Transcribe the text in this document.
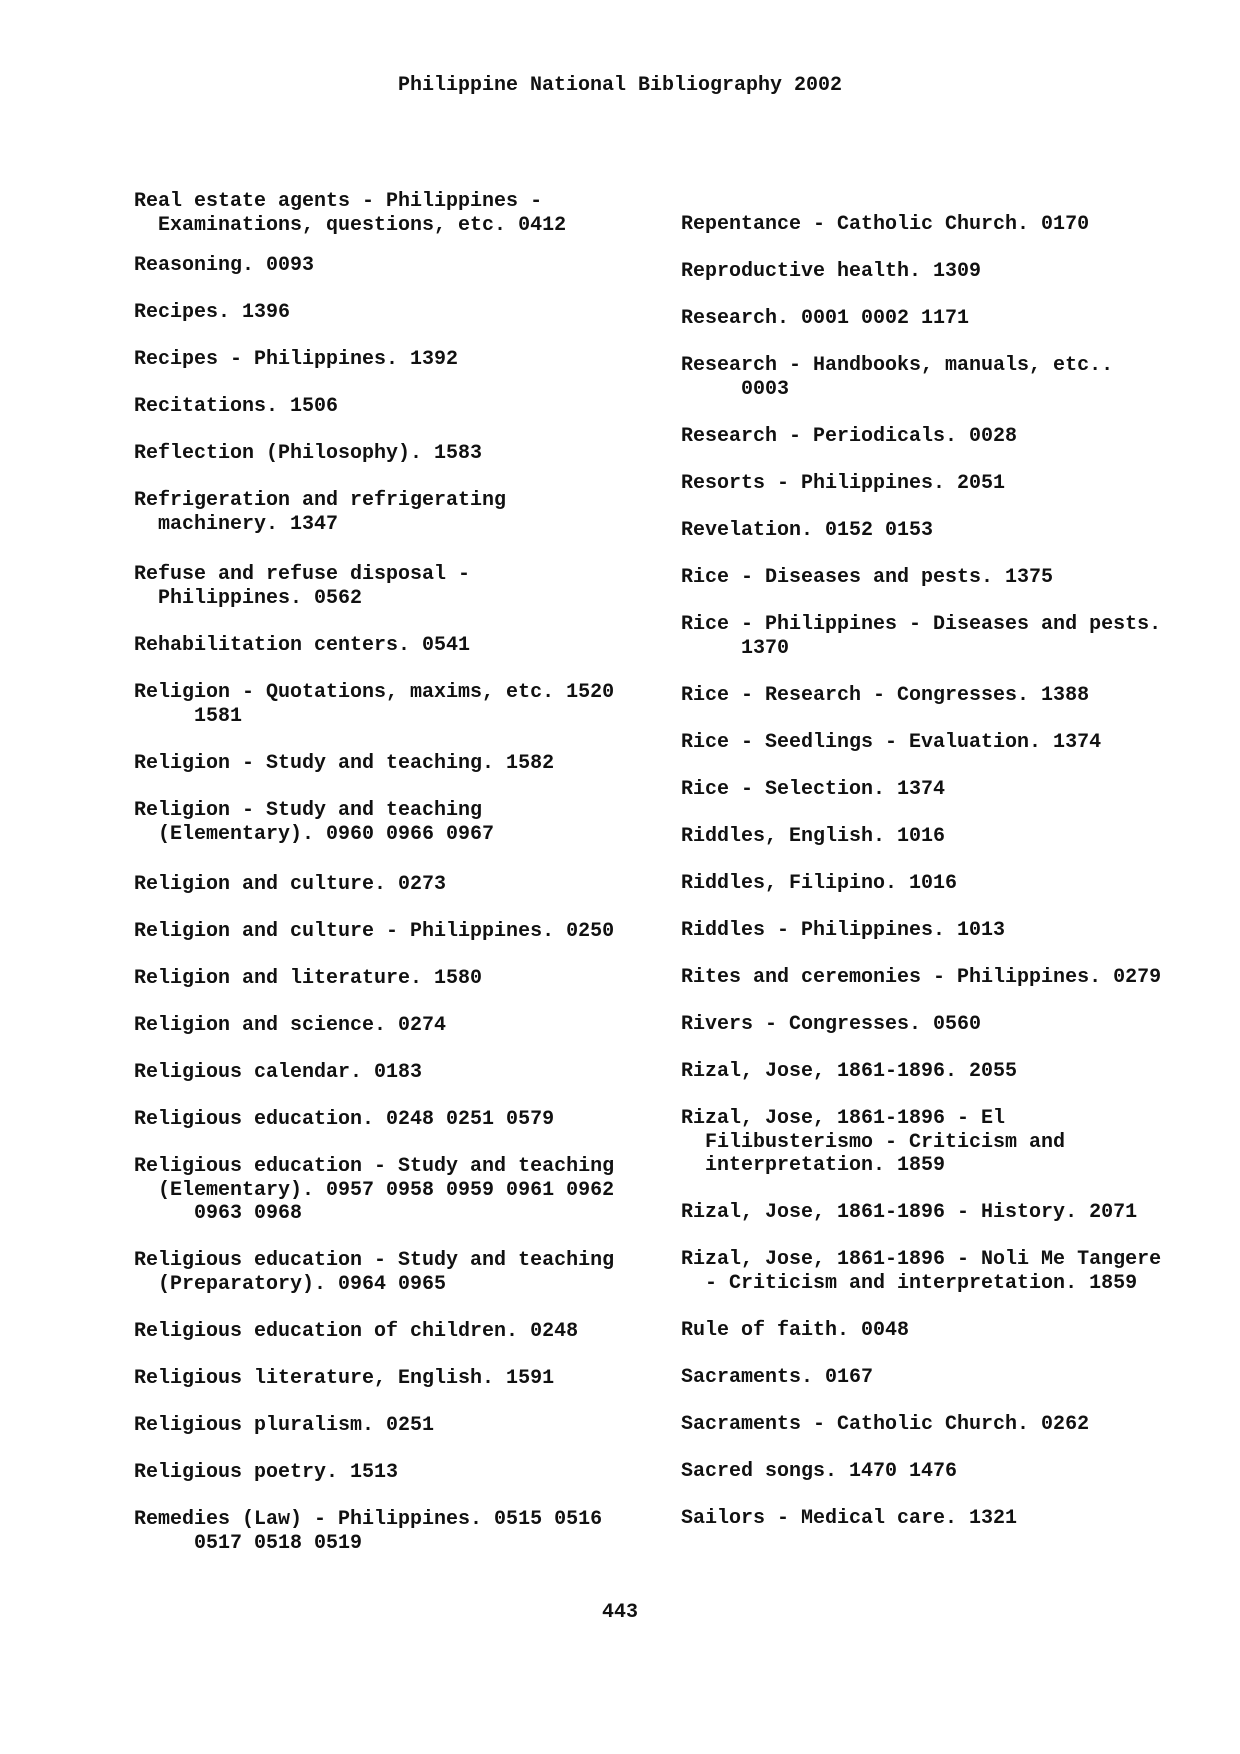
Philippine National Bibliography 2002
Real estate agents - Philippines -
Examinations, questions, etc. 0412
Reasoning. 0093
Recipes. 1396
Recipes - Philippines. 1392
Recitations. 1506
Reflection (Philosophy). 1583
Refrigeration and refrigerating
machinery. 1347
Refuse and refuse disposal -
Philippines. 0562
Rehabilitation centers. 0541
Religion - Quotations, maxims, etc. 1520
1581
Religion - Study and teaching. 1582
Religion - Study and teaching
(Elementary). 0960 0966 0967
Religion and culture. 0273
Religion and culture - Philippines. 0250
Religion and literature. 1580
Religion and science. 0274
Religious calendar. 0183
Religious education. 0248 0251 0579
Religious education - Study and teaching
(Elementary). 0957 0958 0959 0961 0962
0963 0968
Religious education - Study and teaching
(Preparatory). 0964 0965
Religious education of children. 0248
Religious literature, English. 1591
Religious pluralism. 0251
Religious poetry. 1513
Remedies (Law) - Philippines. 0515 0516
0517 0518 0519
Repentance - Catholic Church. 0170
Reproductive health. 1309
Research. 0001 0002 1171
Research - Handbooks, manuals, etc..
0003
Research - Periodicals. 0028
Resorts - Philippines. 2051
Revelation. 0152 0153
Rice - Diseases and pests. 1375
Rice - Philippines - Diseases and pests.
1370
Rice - Research - Congresses. 1388
Rice - Seedlings - Evaluation. 1374
Rice - Selection. 1374
Riddles, English. 1016
Riddles, Filipino. 1016
Riddles - Philippines. 1013
Rites and ceremonies - Philippines. 0279
Rivers - Congresses. 0560
Rizal, Jose, 1861-1896. 2055
Rizal, Jose, 1861-1896 - El
Filibusterismo - Criticism and
interpretation. 1859
Rizal, Jose, 1861-1896 - History. 2071
Rizal, Jose, 1861-1896 - Noli Me Tangere
- Criticism and interpretation. 1859
Rule of faith. 0048
Sacraments. 0167
Sacraments - Catholic Church. 0262
Sacred songs. 1470 1476
Sailors - Medical care. 1321
443
